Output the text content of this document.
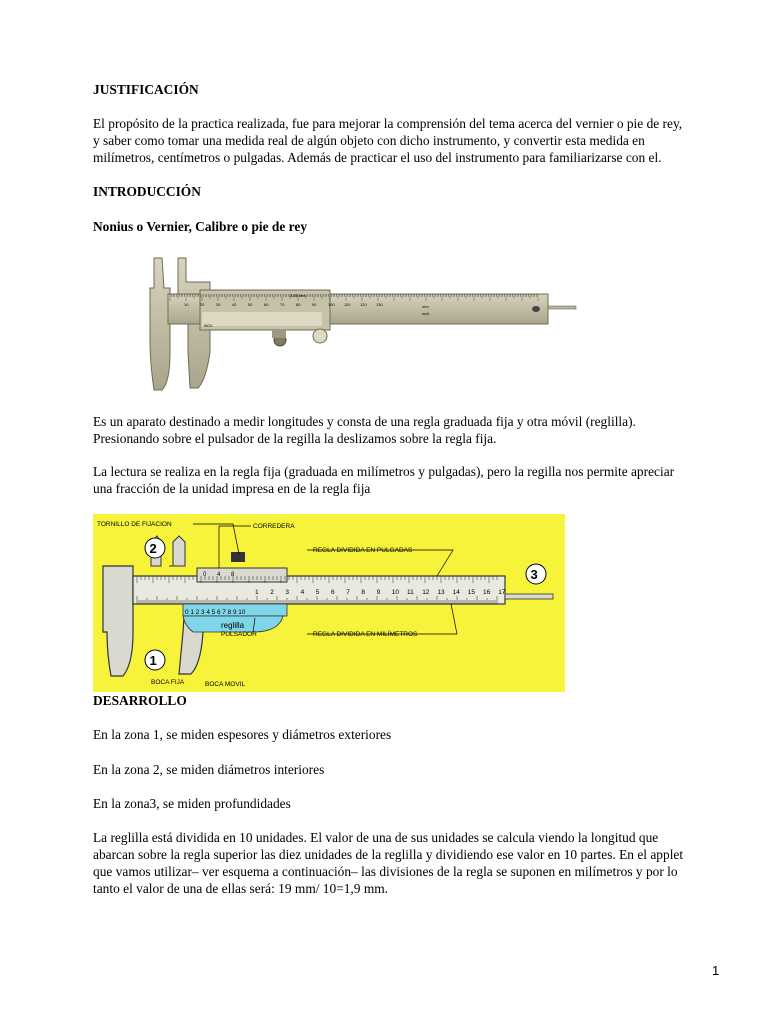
JUSTIFICACIÓN

El propósito de la practica realizada, fue para mejorar la comprensión del tema acerca del vernier o pie de rey,

y saber como tomar una medida real de algún objeto con dicho instrumento, y convertir esta medida en

milímetros, centímetros o pulgadas. Además de practicar el uso del instrumento para familiarizarse con el.

INTRODUCCIÓN

Nonius o Vernier, Calibre o pie de rey

10	20	30	40	50	60	70	80	90	100 110 120 130
0.05 mm
mm
inch
INOX

Es un aparato destinado a medir longitudes y consta de una regla graduada fija y otra móvil (reglilla).

Presionando sobre el pulsador de la regilla la deslizamos sobre la regla fija.

La lectura se realiza en la regla fija (graduada en milímetros y pulgadas), pero la regilla nos permite apreciar

una fracción de la unidad impresa en de la regla fija

1 2 3 4 5 6 7 8 9 10 11 12 13 14 15 16 17
0 1 2 3 4 5 6 7 8 9 10
0 4 8
TORNILLO DE FIJACION	CORREDERA
REGLA DIVIDIDA EN PULGADAS
REGLA DIVIDIDA EN MILÍMETROS
reglilla
PULSADOR
BOCA FIJA	BOCA MOVIL
2
1
3

DESARROLLO

En la zona 1, se miden espesores y diámetros exteriores

En la zona 2, se miden diámetros interiores

En la zona3, se miden profundidades

La reglilla está dividida en 10 unidades. El valor de una de sus unidades se calcula viendo la longitud que

abarcan sobre la regla superior las diez unidades de la reglilla y dividiendo ese valor en 10 partes. En el applet

que vamos utilizar– ver esquema a continuación– las divisiones de la regla se suponen en milímetros y por lo

tanto el valor de una de ellas será: 19 mm/ 10=1,9 mm.

1
